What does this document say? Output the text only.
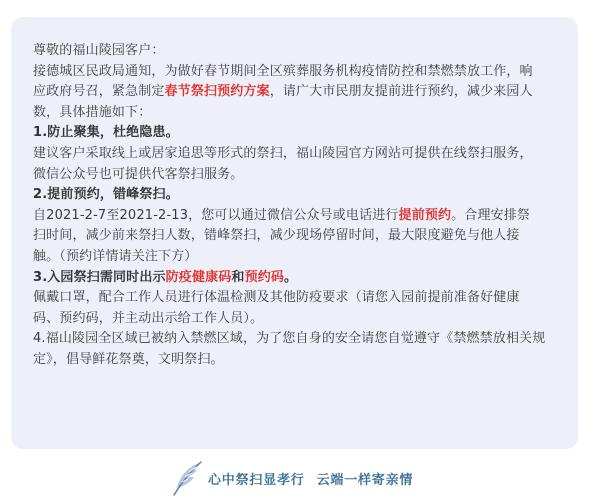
尊敬的福山陵园客户：
接德城区民政局通知，为做好春节期间全区殡葬服务机构疫情防控和禁燃禁放工作，响
应政府号召，紧急制定春节祭扫预约方案，请广大市民朋友提前进行预约，减少来园人
数，具体措施如下：
1.防止聚集，杜绝隐患。
建议客户采取线上或居家追思等形式的祭扫，福山陵园官方网站可提供在线祭扫服务，
微信公众号也可提供代客祭扫服务。
2.提前预约，错峰祭扫。
自2021-2-7至2021-2-13，您可以通过微信公众号或电话进行提前预约。合理安排祭
扫时间，减少前来祭扫人数，错峰祭扫，减少现场停留时间，最大限度避免与他人接
触。（预约详情请关注下方）
3.入园祭扫需同时出示防疫健康码和预约码。
佩戴口罩，配合工作人员进行体温检测及其他防疫要求（请您入园前提前准备好健康
码、预约码，并主动出示给工作人员）。
4.福山陵园全区域已被纳入禁燃区域，为了您自身的安全请您自觉遵守《禁燃禁放相关规
定》，倡导鲜花祭奠，文明祭扫。
心中祭扫显孝行 云端一样寄亲情
